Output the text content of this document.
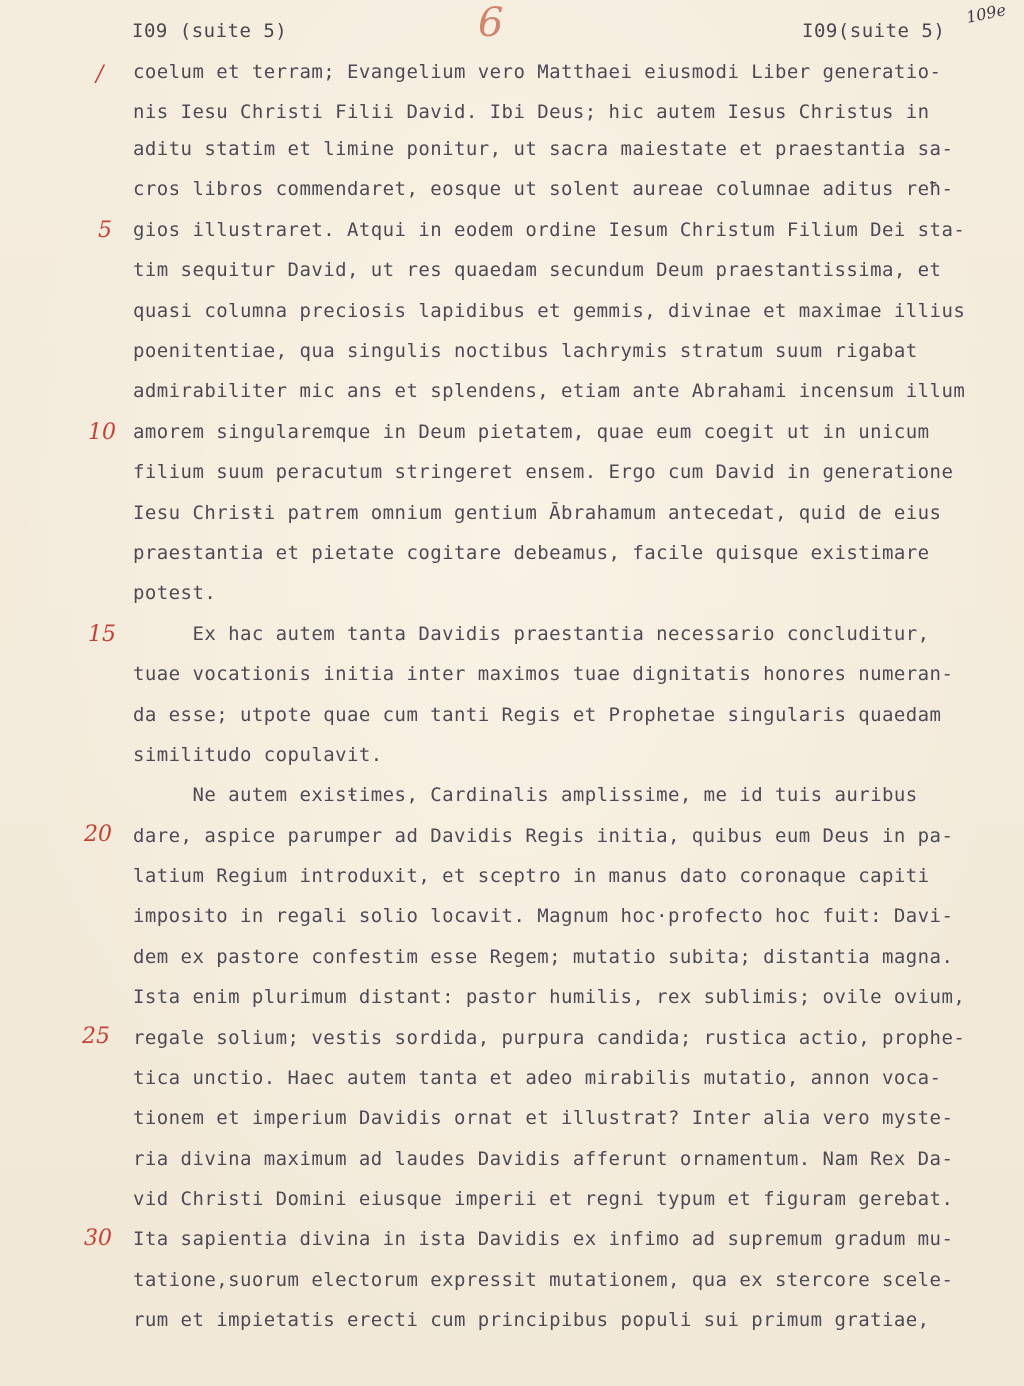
I09 (suite 5)	6	I09(suite 5)
109e
/
5
10
15
20
25
30
coelum et terram; Evangelium vero Matthaei eiusmodi Liber generatio-
nis Iesu Christi Filii David. Ibi Deus; hic autem Iesus Christus in
aditu statim et limine ponitur, ut sacra maiestate et praestantia sa-
cros libros commendaret, eosque ut solent aureae columnae aditus reħ-
gios illustraret. Atqui in eodem ordine Iesum Christum Filium Dei sta-
tim sequitur David, ut res quaedam secundum Deum praestantissima, et
quasi columna preciosis lapidibus et gemmis, divinae et maximae illius
poenitentiae, qua singulis noctibus lachrymis stratum suum rigabat
admirabiliter mic ans et splendens, etiam ante Abrahami incensum illum
amorem singularemque in Deum pietatem, quae eum coegit ut in unicum
filium suum peracutum stringeret ensem. Ergo cum David in generatione
Iesu Chrisŧi patrem omnium gentium Ābrahamum antecedat, quid de eius
praestantia et pietate cogitare debeamus, facile quisque existimare
potest.
Ex hac autem tanta Davidis praestantia necessario concluditur,
tuae vocationis initia inter maximos tuae dignitatis honores numeran-
da esse; utpote quae cum tanti Regis et Prophetae singularis quaedam
similitudo copulavit.
Ne autem exisŧimes, Cardinalis amplissime, me id tuis auribus
dare, aspice parumper ad Davidis Regis initia, quibus eum Deus in pa-
latium Regium introduxit, et sceptro in manus dato coronaque capiti
imposito in regali solio locavit. Magnum hoc·profecto hoc fuit: Davi-
dem ex pastore confestim esse Regem; mutatio subita; distantia magna.
Ista enim plurimum distant: pastor humilis, rex sublimis; ovile ovium,
regale solium; vestis sordida, purpura candida; rustica actio, prophe-
tica unctio. Haec autem tanta et adeo mirabilis mutatio, annon voca-
tionem et imperium Davidis ornat et illustrat? Inter alia vero myste-
ria divina maximum ad laudes Davidis afferunt ornamentum. Nam Rex Da-
vid Christi Domini eiusque imperii et regni typum et figuram gerebat.
Ita sapientia divina in ista Davidis ex infimo ad supremum gradum mu-
tatione,suorum electorum expressit mutationem, qua ex stercore scele-
rum et impietatis erecti cum principibus populi sui primum gratiae,
